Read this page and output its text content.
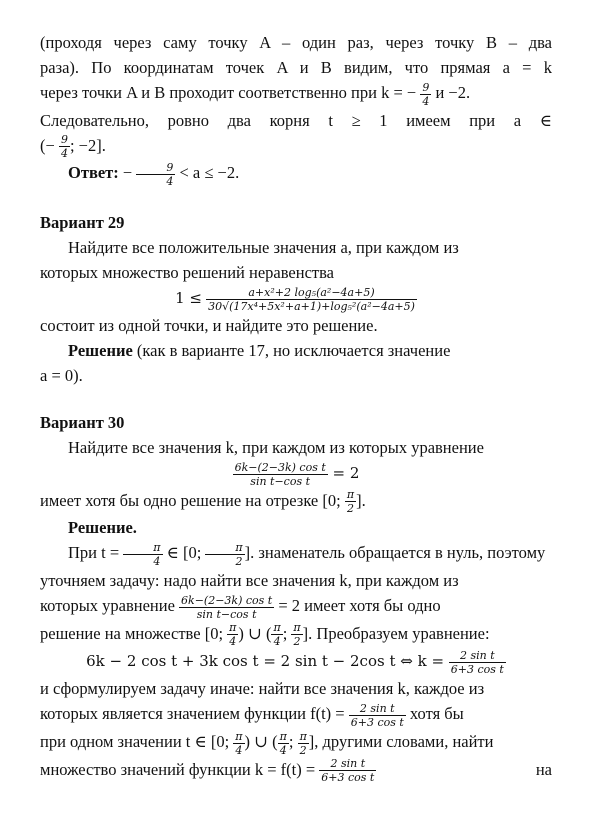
(проходя через саму точку A – один раз, через точку B – два
раза). По координатам точек A и B видим, что прямая a = k
через точки A и B проходит соответственно при k = − $\frac{9}{4}$ и −2.
Следовательно, ровно два корня t ≥ 1 имеем при a ∈
(− $\frac{9}{4}$ ; −2].

Ответ: − $\frac{9}{4} < a \le -2$.

Вариант 29

Найдите все положительные значения a, при каждом из

которых множество решений неравенства

$1 \le \frac{\text{a+x²+2 log₅(a²−4a+5)}}{\text{30√(17x⁴+5x²+a+1)+log₅²(a²−4a+5)}}$

состоит из одной точки, и найдите это решение.

Решение (как в варианте 17, но исключается значение

a = 0).

Вариант 30

Найдите все значения k, при каждом из которых уравнение

$\frac{\text{6k−(2−3k) cos t}}{\text{sin t−cos t}} = 2$

имеет хотя бы одно решение на отрезке [0; $\frac{\pi}{2}$ ].

Решение.

При $t = \frac{\pi}{4}$ ∈ [0; $\frac{\pi}{2}$ ]. знаменатель обращается в нуль, поэтому

уточняем задачу: надо найти все значения k, при каждом из

которых уравнение $\frac{\text{6k−(2−3k) cos t}}{\text{sin t−cos t}} = 2$ имеет хотя бы одно

решение на множестве [0; $\frac{\pi}{4}$ ) ∪ ( $\frac{\pi}{4}$ ; $\frac{\pi}{2}$ ]. Преобразуем уравнение:

6k − 2 cos t + 3k cos t = 2 sin t − 2cos t ⇔ $k = \frac{\text{2 sin t}}{\text{6+3 cos t}}$

и сформулируем задачу иначе: найти все значения k, каждое из

которых является значением функции $f(t) = \frac{\text{2 sin t}}{\text{6+3 cos t}}$ хотя бы

при одном значении t ∈ [0; $\frac{\pi}{4}$ ) ∪ ( $\frac{\pi}{4}$ ; $\frac{\pi}{2}$ ], другими словами, найти

множество значений функции $k = f(t) = \frac{\text{2 sin t}}{\text{6+3 cos t}}$	на
